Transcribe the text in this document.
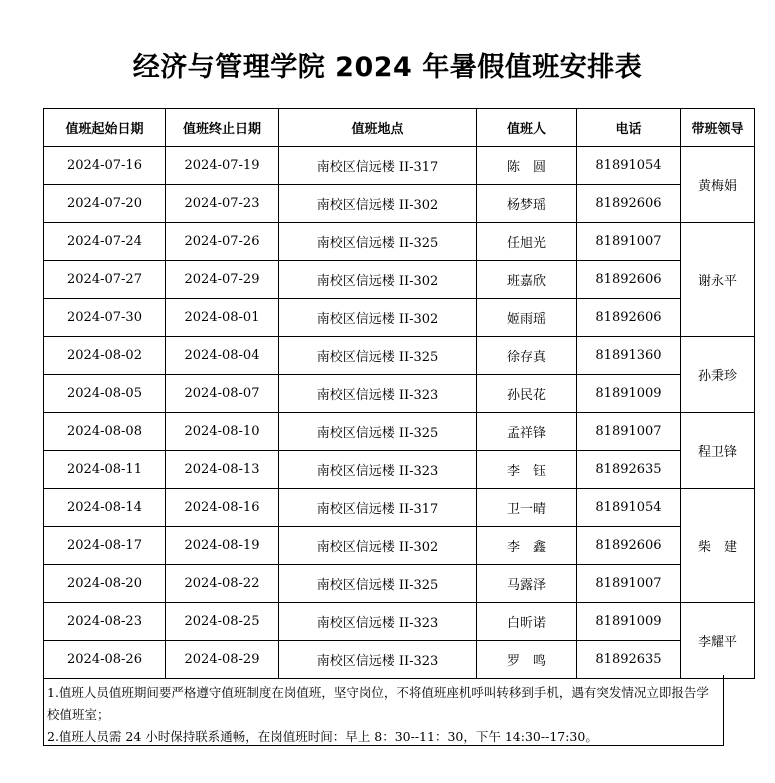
经济与管理学院 2024 年暑假值班安排表
值班起始日期	值班终止日期	值班地点	值班人	电话	带班领导
2024-07-16	2024-07-19	南校区信远楼 II-317	陈　圆	81891054	黄梅娟
2024-07-20	2024-07-23	南校区信远楼 II-302	杨梦瑶	81892606	
2024-07-24	2024-07-26	南校区信远楼 II-325	任旭光	81891007	谢永平
2024-07-27	2024-07-29	南校区信远楼 II-302	班嘉欣	81892606	
2024-07-30	2024-08-01	南校区信远楼 II-302	姬雨瑶	81892606	
2024-08-02	2024-08-04	南校区信远楼 II-325	徐存真	81891360	孙秉珍
2024-08-05	2024-08-07	南校区信远楼 II-323	孙民花	81891009	
2024-08-08	2024-08-10	南校区信远楼 II-325	孟祥锋	81891007	程卫锋
2024-08-11	2024-08-13	南校区信远楼 II-323	李　钰	81892635	
2024-08-14	2024-08-16	南校区信远楼 II-317	卫一晴	81891054	柴　建
2024-08-17	2024-08-19	南校区信远楼 II-302	李　鑫	81892606	
2024-08-20	2024-08-22	南校区信远楼 II-325	马露泽	81891007	
2024-08-23	2024-08-25	南校区信远楼 II-323	白昕诺	81891009	李耀平
2024-08-26	2024-08-29	南校区信远楼 II-323	罗　鸣	81892635	

1.值班人员值班期间要严格遵守值班制度在岗值班，坚守岗位，不将值班座机呼叫转移到手机，遇有突发情况立即报告学校值班室；

2.值班人员需 24 小时保持联系通畅，在岗值班时间：早上 8：30--11：30，下午 14:30--17:30。
